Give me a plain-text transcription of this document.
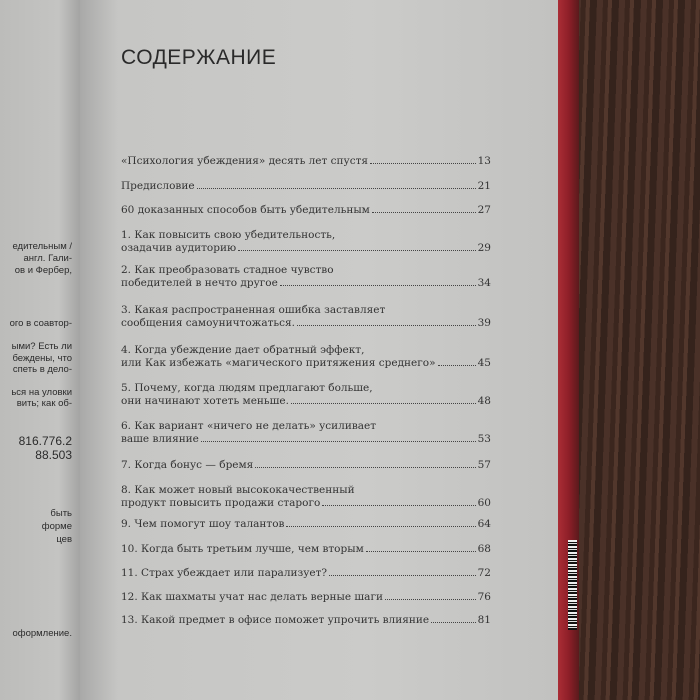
СОДЕРЖАНИЕ
«Психология убеждения» десять лет спустя	13
Предисловие	21
60 доказанных способов быть убедительным	27
1. Как повысить свою убедительность,
озадачив аудиторию	29
2. Как преобразовать стадное чувство
победителей в нечто другое	34
3. Какая распространенная ошибка заставляет
сообщения самоуничтожаться.	39
4. Когда убеждение дает обратный эффект,
или Как избежать «магического притяжения среднего»	45
5. Почему, когда людям предлагают больше,
они начинают хотеть меньше.	48
6. Как вариант «ничего не делать» усиливает
ваше влияние	53
7. Когда бонус — бремя	57
8. Как может новый высококачественный
продукт повысить продажи старого	60
9. Чем помогут шоу талантов	64
10. Когда быть третьим лучше, чем вторым	68
11. Страх убеждает или парализует?	72
12. Как шахматы учат нас делать верные шаги	76
13. Какой предмет в офисе поможет упрочить влияние	81
едительным /
англ. Гали-
ов и Фербер,
ого в соавтор-
ыми? Есть ли
беждены, что
спеть в дело-
ься на уловки
вить; как об-
816.776.2
88.503
быть
форме
цев
оформление.
